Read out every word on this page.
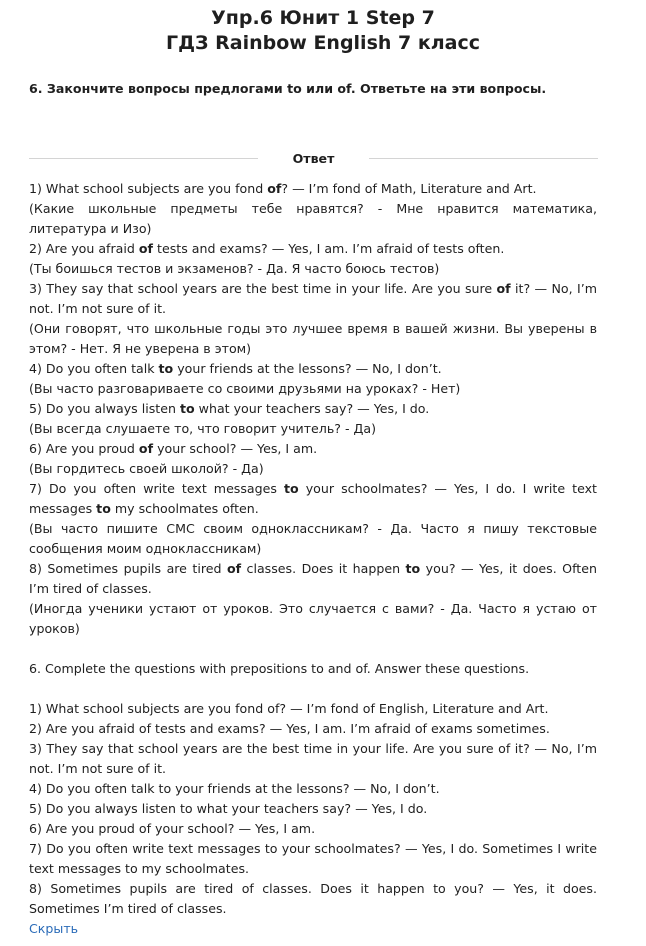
Упр.6 Юнит 1 Step 7
ГДЗ Rainbow English 7 класс
6. Закончите вопросы предлогами to или of. Ответьте на эти вопросы.
Ответ

1) What school subjects are you fond of? — I’m fond of Math, Literature and Art.

(Какие школьные предметы тебе нравятся? - Мне нравится математика, литература и Изо)

2) Are you afraid of tests and exams? — Yes, I am. I’m afraid of tests often.

(Ты боишься тестов и экзаменов? - Да. Я часто боюсь тестов)

3) They say that school years are the best time in your life. Are you sure of it? — No, I’m not. I’m not sure of it.

(Они говорят, что школьные годы это лучшее время в вашей жизни. Вы уверены в этом? - Нет. Я не уверена в этом)

4) Do you often talk to your friends at the lessons? — No, I don’t.

(Вы часто разговариваете со своими друзьями на уроках? - Нет)

5) Do you always listen to what your teachers say? — Yes, I do.

(Вы всегда слушаете то, что говорит учитель? - Да)

6) Are you proud of your school? — Yes, I am.

(Вы гордитесь своей школой? - Да)

7) Do you often write text messages to your schoolmates? — Yes, I do. I write text messages to my schoolmates often.

(Вы часто пишите СМС своим одноклассникам? - Да. Часто я пишу текстовые сообщения моим одноклассникам)

8) Sometimes pupils are tired of classes. Does it happen to you? — Yes, it does. Often I’m tired of classes.

(Иногда ученики устают от уроков. Это случается с вами? - Да. Часто я устаю от уроков)

6. Complete the questions with prepositions to and of. Answer these questions.

1) What school subjects are you fond of? — I’m fond of English, Literature and Art.

2) Are you afraid of tests and exams? — Yes, I am. I’m afraid of exams sometimes.

3) They say that school years are the best time in your life. Are you sure of it? — No, I’m not. I’m not sure of it.

4) Do you often talk to your friends at the lessons? — No, I don’t.

5) Do you always listen to what your teachers say? — Yes, I do.

6) Are you proud of your school? — Yes, I am.

7) Do you often write text messages to your schoolmates? — Yes, I do. Sometimes I write text messages to my schoolmates.

8) Sometimes pupils are tired of classes. Does it happen to you? — Yes, it does. Sometimes I’m tired of classes.

Скрыть
